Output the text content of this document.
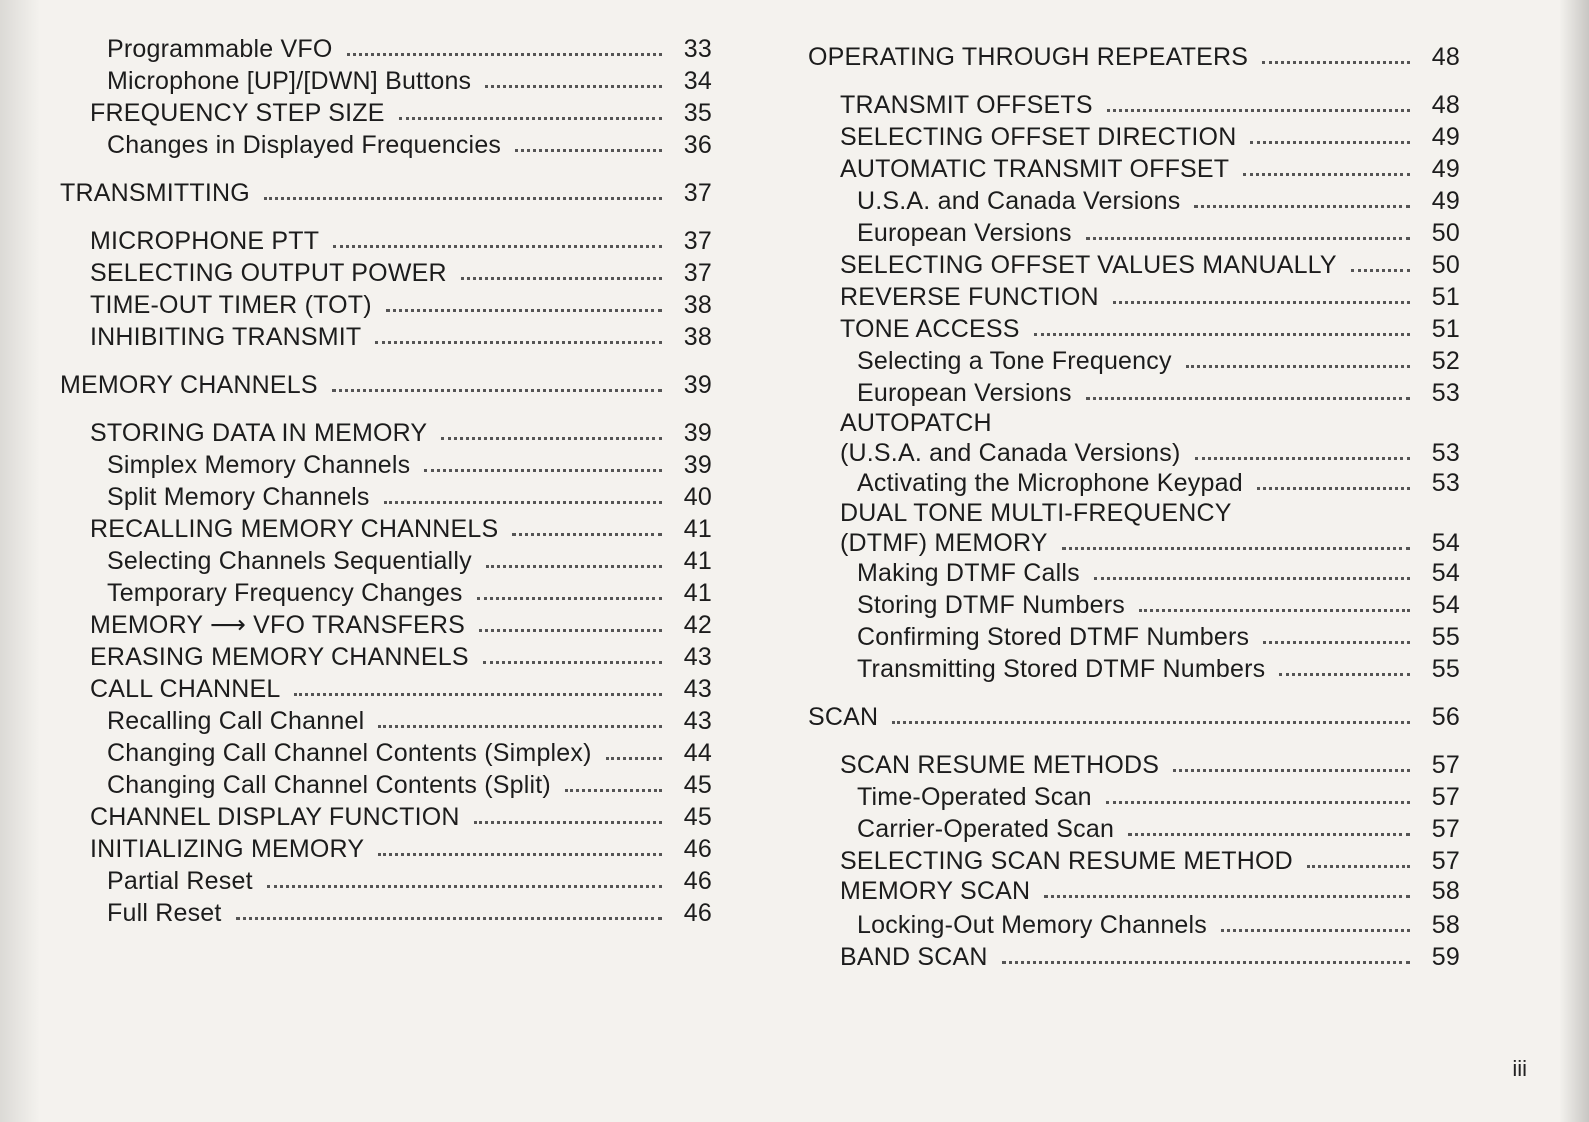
Programmable VFO	33
Microphone [UP]/[DWN] Buttons	34
FREQUENCY STEP SIZE	35
Changes in Displayed Frequencies	36
TRANSMITTING	37
MICROPHONE PTT	37
SELECTING OUTPUT POWER	37
TIME-OUT TIMER (TOT)	38
INHIBITING TRANSMIT	38
MEMORY CHANNELS	39
STORING DATA IN MEMORY	39
Simplex Memory Channels	39
Split Memory Channels	40
RECALLING MEMORY CHANNELS	41
Selecting Channels Sequentially	41
Temporary Frequency Changes	41
MEMORY ⟶ VFO TRANSFERS	42
ERASING MEMORY CHANNELS	43
CALL CHANNEL	43
Recalling Call Channel	43
Changing Call Channel Contents (Simplex)	44
Changing Call Channel Contents (Split)	45
CHANNEL DISPLAY FUNCTION	45
INITIALIZING MEMORY	46
Partial Reset	46
Full Reset	46
OPERATING THROUGH REPEATERS	48
TRANSMIT OFFSETS	48
SELECTING OFFSET DIRECTION	49
AUTOMATIC TRANSMIT OFFSET	49
U.S.A. and Canada Versions	49
European Versions	50
SELECTING OFFSET VALUES MANUALLY	50
REVERSE FUNCTION	51
TONE ACCESS	51
Selecting a Tone Frequency	52
European Versions	53
AUTOPATCH
(U.S.A. and Canada Versions)	53
Activating the Microphone Keypad	53
DUAL TONE MULTI-FREQUENCY
(DTMF) MEMORY	54
Making DTMF Calls	54
Storing DTMF Numbers	54
Confirming Stored DTMF Numbers	55
Transmitting Stored DTMF Numbers	55
SCAN	56
SCAN RESUME METHODS	57
Time-Operated Scan	57
Carrier-Operated Scan	57
SELECTING SCAN RESUME METHOD	57
MEMORY SCAN	58
Locking-Out Memory Channels	58
BAND SCAN	59
iii
